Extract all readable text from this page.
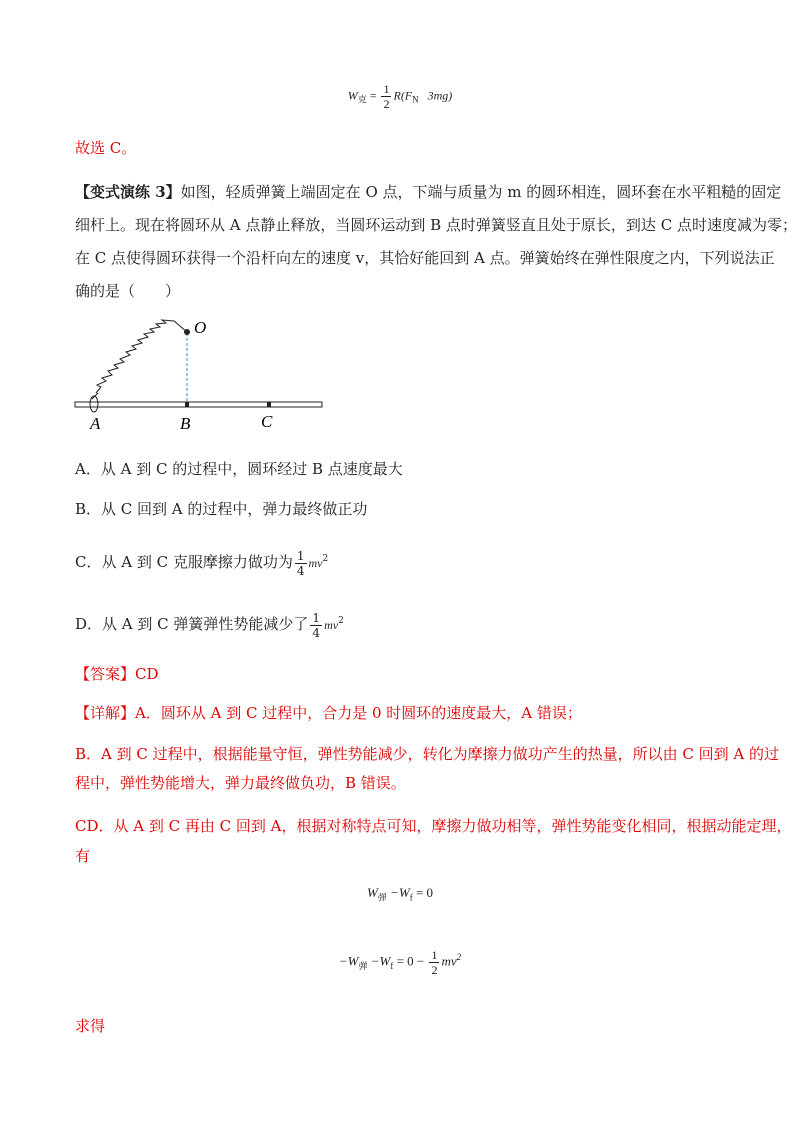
$W_克 = \frac{1}{2} R(F_N$ 3mg)
故选 C。
【变式演练 3】如图，轻质弹簧上端固定在 O 点，下端与质量为 m 的圆环相连，圆环套在水平粗糙的固定
细杆上。现在将圆环从 A 点静止释放，当圆环运动到 B 点时弹簧竖直且处于原长，到达 C 点时速度减为零；
在 C 点使得圆环获得一个沿杆向左的速度 v，其恰好能回到 A 点。弹簧始终在弹性限度之内，下列说法正
确的是（　　）
O
A	B	C
A．从 A 到 C 的过程中，圆环经过 B 点速度最大
B．从 C 回到 A 的过程中，弹力最终做正功
C．从 A 到 C 克服摩擦力做功为 $\frac{1}{4} mv^2$
D．从 A 到 C 弹簧弹性势能减少了 $\frac{1}{4} mv^2$
【答案】CD
【详解】A．圆环从 A 到 C 过程中，合力是 0 时圆环的速度最大，A 错误；
B．A 到 C 过程中，根据能量守恒，弹性势能减少，转化为摩擦力做功产生的热量，所以由 C 回到 A 的过
程中，弹性势能增大，弹力最终做负功，B 错误。
CD．从 A 到 C 再由 C 回到 A，根据对称特点可知，摩擦力做功相等，弹性势能变化相同，根据动能定理，
有
$W_弹 -W_f = 0$
$-W_弹 -W_f = 0 - \frac{1}{2} mv^2$
求得
